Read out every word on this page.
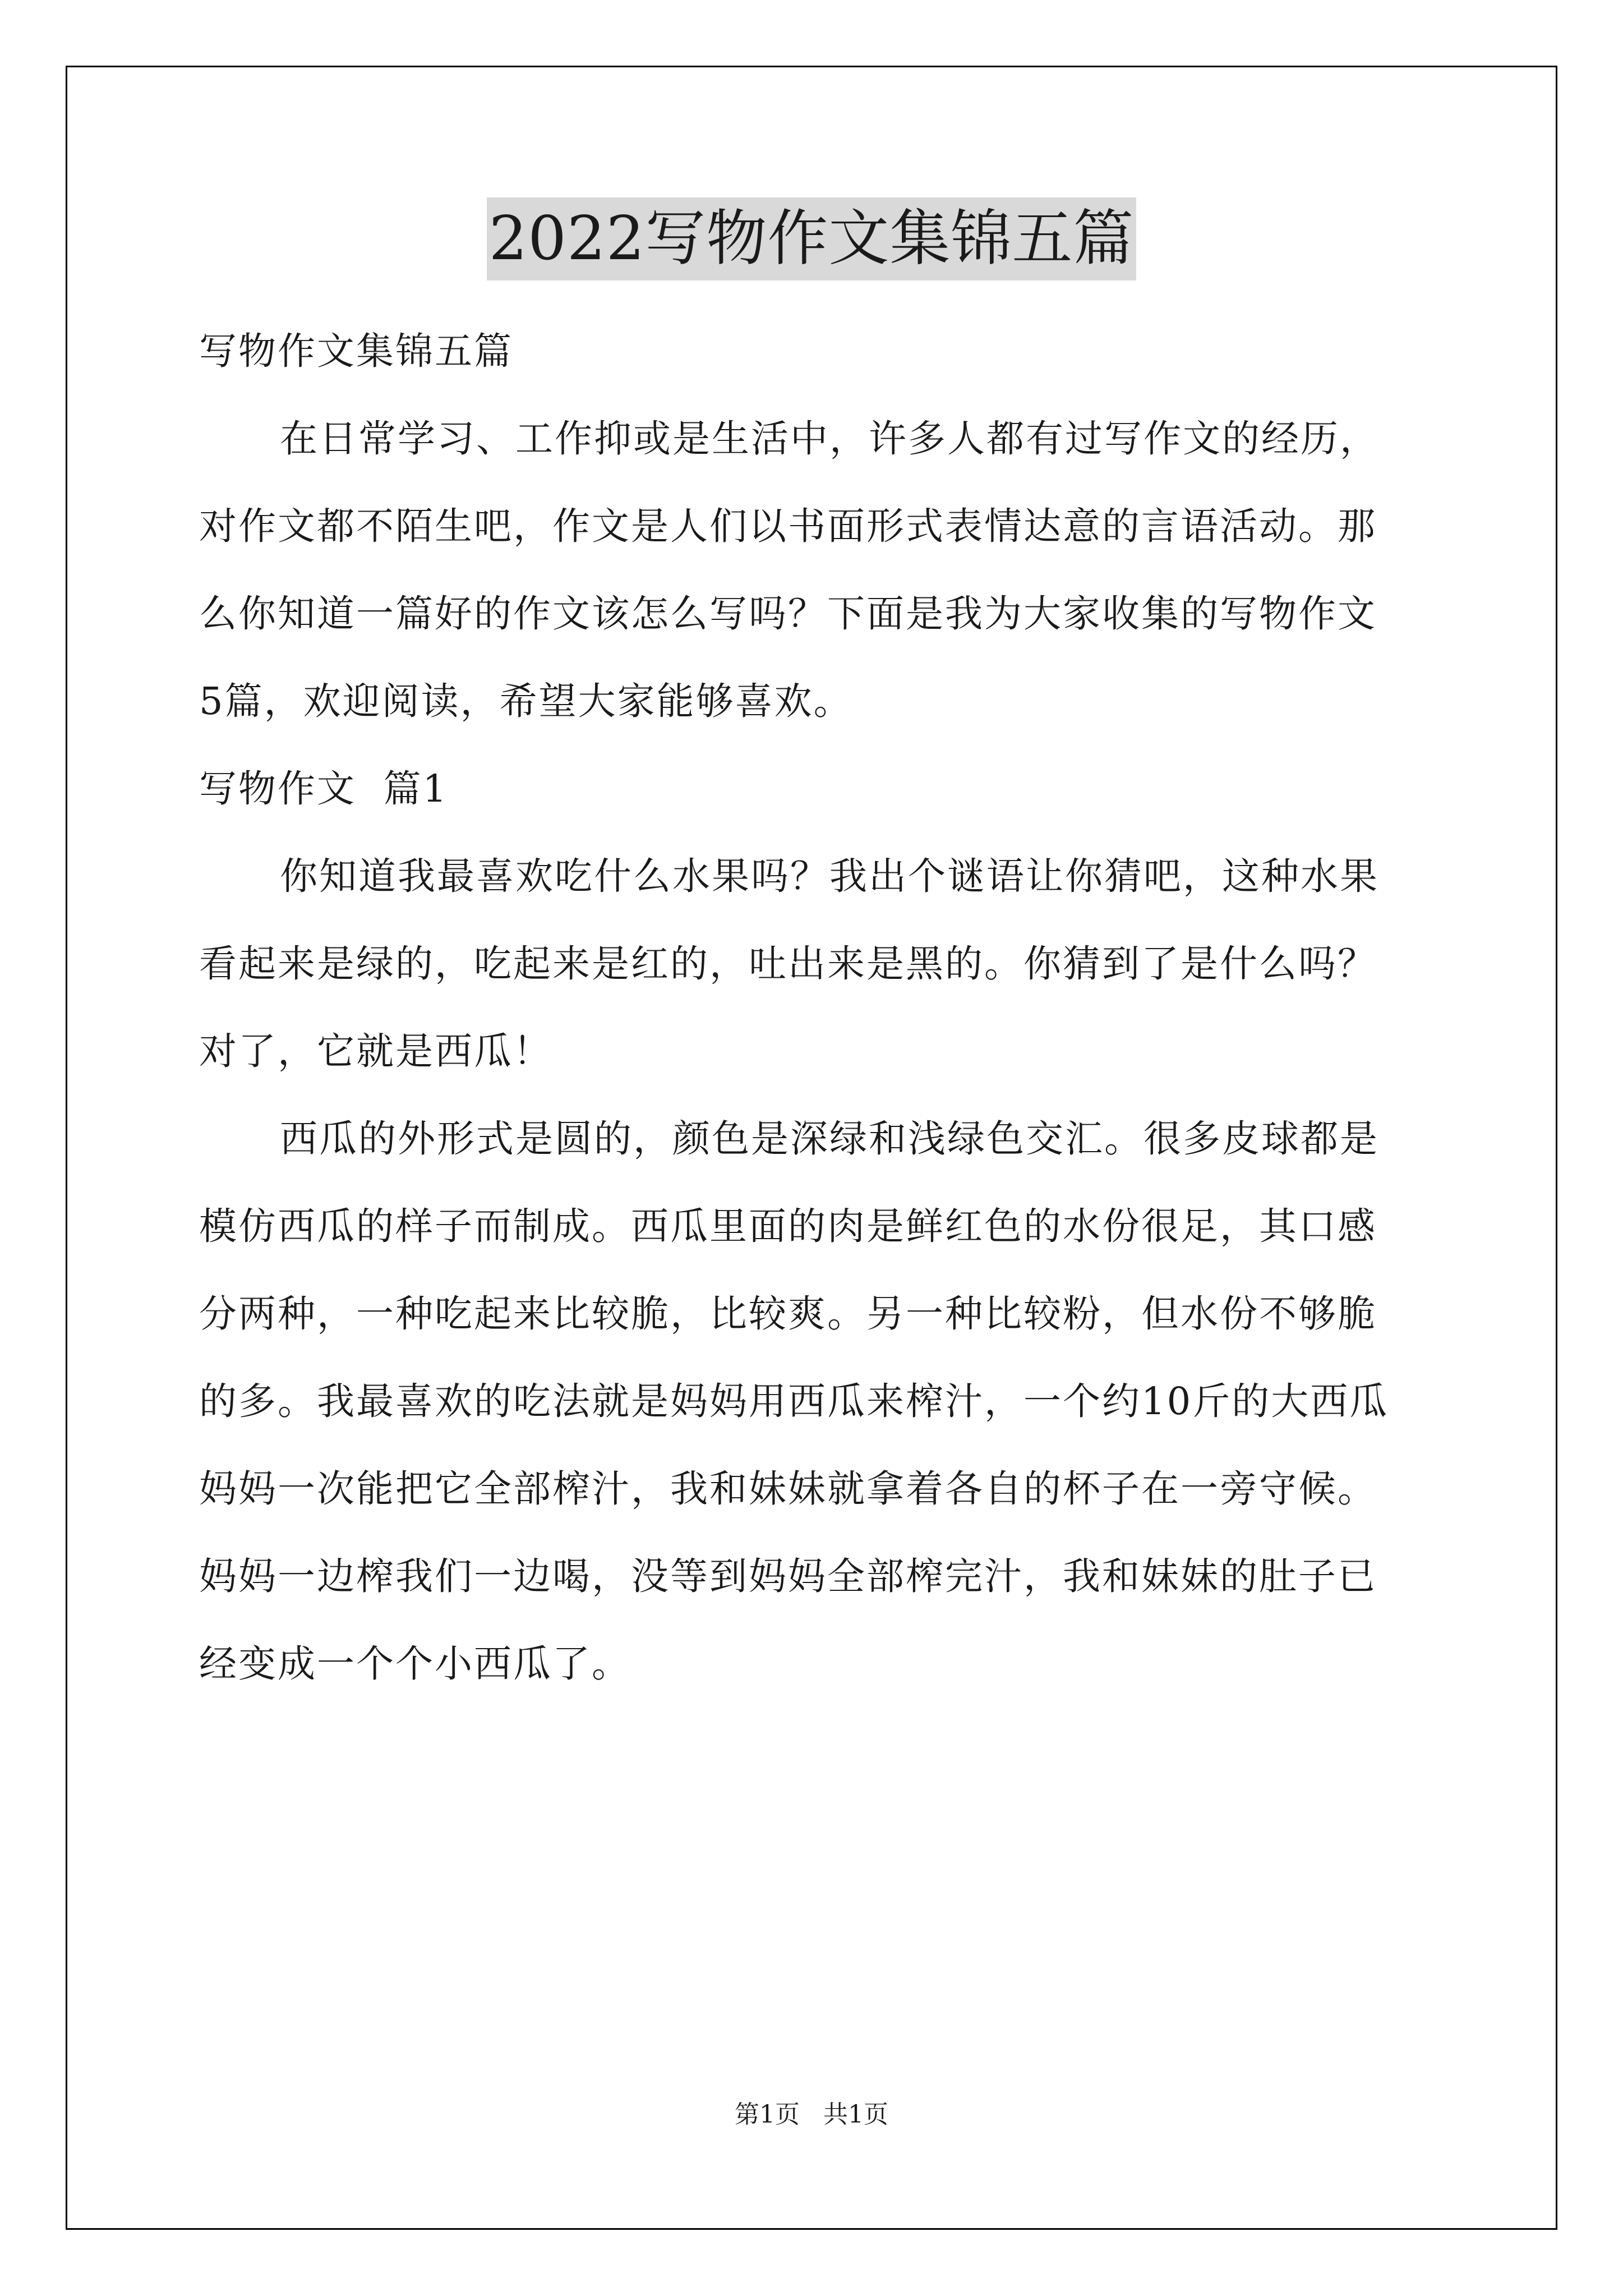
2022写物作文集锦五篇
写物作文集锦五篇
在日常学习、工作抑或是生活中，许多人都有过写作文的经历，
对作文都不陌生吧，作文是人们以书面形式表情达意的言语活动。那
么你知道一篇好的作文该怎么写吗？下面是我为大家收集的写物作文
5篇，欢迎阅读，希望大家能够喜欢。
写物作文  篇1
你知道我最喜欢吃什么水果吗？我出个谜语让你猜吧，这种水果
看起来是绿的，吃起来是红的，吐出来是黑的。你猜到了是什么吗？
对了，它就是西瓜！
西瓜的外形式是圆的，颜色是深绿和浅绿色交汇。很多皮球都是
模仿西瓜的样子而制成。西瓜里面的肉是鲜红色的水份很足，其口感
分两种，一种吃起来比较脆，比较爽。另一种比较粉，但水份不够脆
的多。我最喜欢的吃法就是妈妈用西瓜来榨汁，一个约10斤的大西瓜
妈妈一次能把它全部榨汁，我和妹妹就拿着各自的杯子在一旁守候。
妈妈一边榨我们一边喝，没等到妈妈全部榨完汁，我和妹妹的肚子已
经变成一个个小西瓜了。
第1页   共1页
